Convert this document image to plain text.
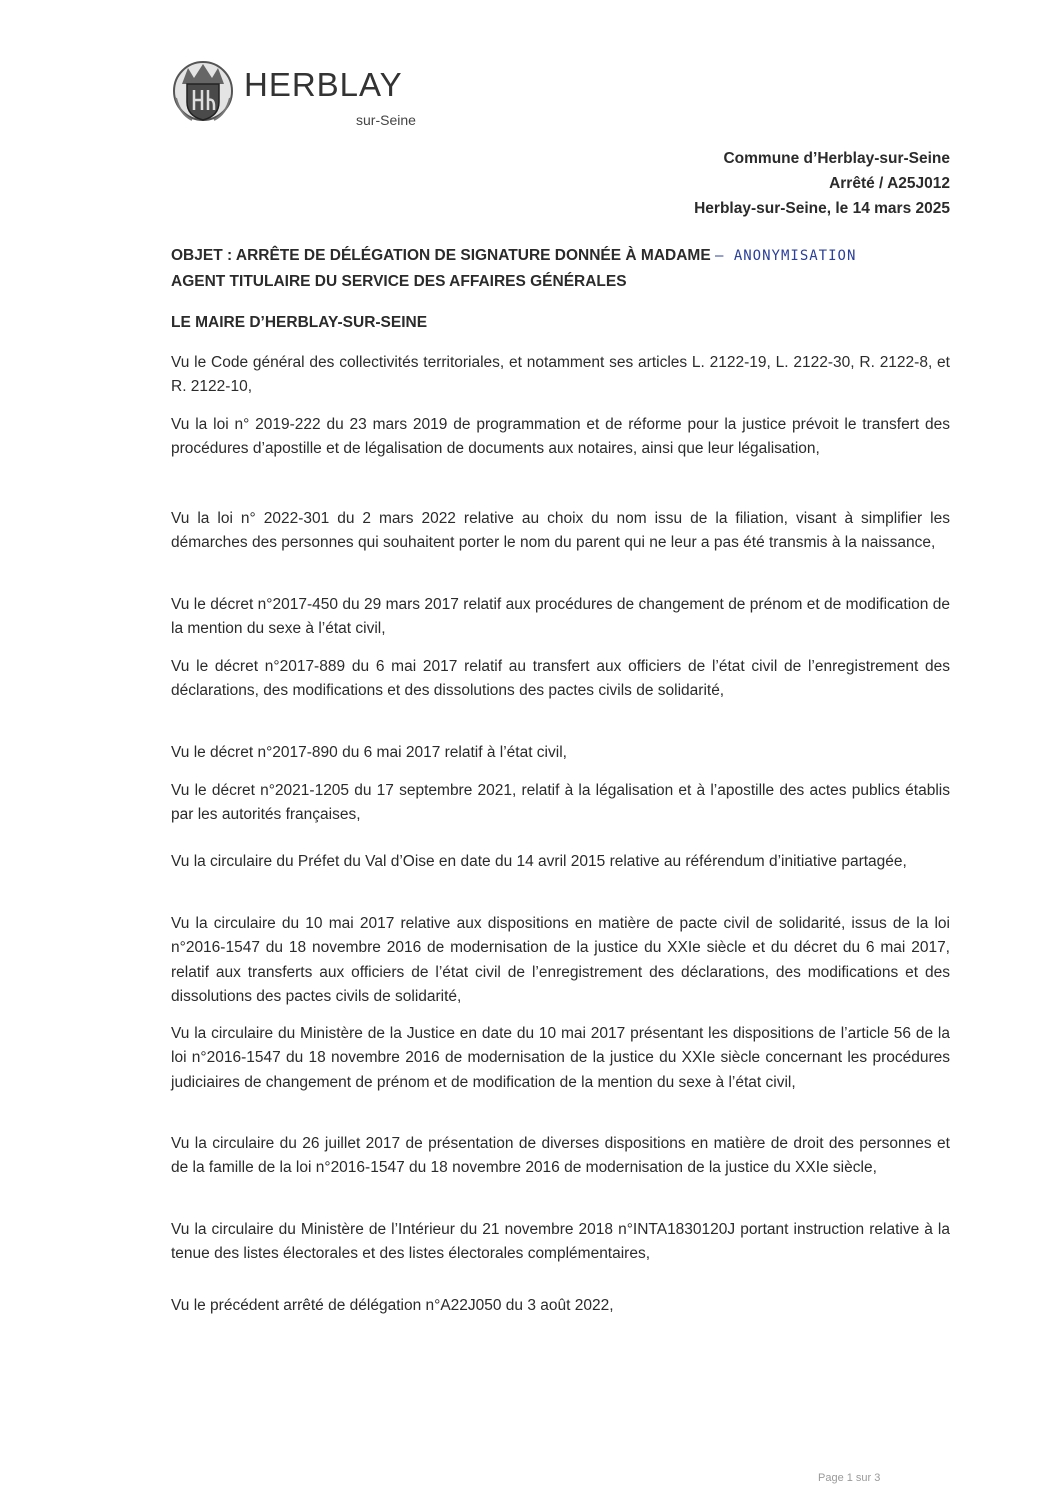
HERBLAY
sur-Seine
Commune d’Herblay-sur-Seine
Arrêté / A25J012
Herblay-sur-Seine, le 14 mars 2025
OBJET : ARRÊTE DE DÉLÉGATION DE SIGNATURE DONNÉE À MADAME – ANONYMISATION
AGENT TITULAIRE DU SERVICE DES AFFAIRES GÉNÉRALES
LE MAIRE D’HERBLAY-SUR-SEINE
Vu le Code général des collectivités territoriales, et notamment ses articles L. 2122-19, L. 2122-30, R. 2122-8, et R. 2122-10,
Vu la loi n° 2019-222 du 23 mars 2019 de programmation et de réforme pour la justice prévoit le transfert des procédures d’apostille et de légalisation de documents aux notaires, ainsi que leur légalisation,
Vu la loi n° 2022-301 du 2 mars 2022 relative au choix du nom issu de la filiation, visant à simplifier les démarches des personnes qui souhaitent porter le nom du parent qui ne leur a pas été transmis à la naissance,
Vu le décret n°2017-450 du 29 mars 2017 relatif aux procédures de changement de prénom et de modification de la mention du sexe à l’état civil,
Vu le décret n°2017-889 du 6 mai 2017 relatif au transfert aux officiers de l’état civil de l’enregistrement des déclarations, des modifications et des dissolutions des pactes civils de solidarité,
Vu le décret n°2017-890 du 6 mai 2017 relatif à l’état civil,
Vu le décret n°2021-1205 du 17 septembre 2021, relatif à la légalisation et à l’apostille des actes publics établis par les autorités françaises,
Vu la circulaire du Préfet du Val d’Oise en date du 14 avril 2015 relative au référendum d’initiative partagée,
Vu la circulaire du 10 mai 2017 relative aux dispositions en matière de pacte civil de solidarité, issus de la loi n°2016-1547 du 18 novembre 2016 de modernisation de la justice du XXIe siècle et du décret du 6 mai 2017, relatif aux transferts aux officiers de l’état civil de l’enregistrement des déclarations, des modifications et des dissolutions des pactes civils de solidarité,
Vu la circulaire du Ministère de la Justice en date du 10 mai 2017 présentant les dispositions de l’article 56 de la loi n°2016-1547 du 18 novembre 2016 de modernisation de la justice du XXIe siècle concernant les procédures judiciaires de changement de prénom et de modification de la mention du sexe à l’état civil,
Vu la circulaire du 26 juillet 2017 de présentation de diverses dispositions en matière de droit des personnes et de la famille de la loi n°2016-1547 du 18 novembre 2016 de modernisation de la justice du XXIe siècle,
Vu la circulaire du Ministère de l’Intérieur du 21 novembre 2018 n°INTA1830120J portant instruction relative à la tenue des listes électorales et des listes électorales complémentaires,
Vu le précédent arrêté de délégation n°A22J050 du 3 août 2022,
Page 1 sur 3
